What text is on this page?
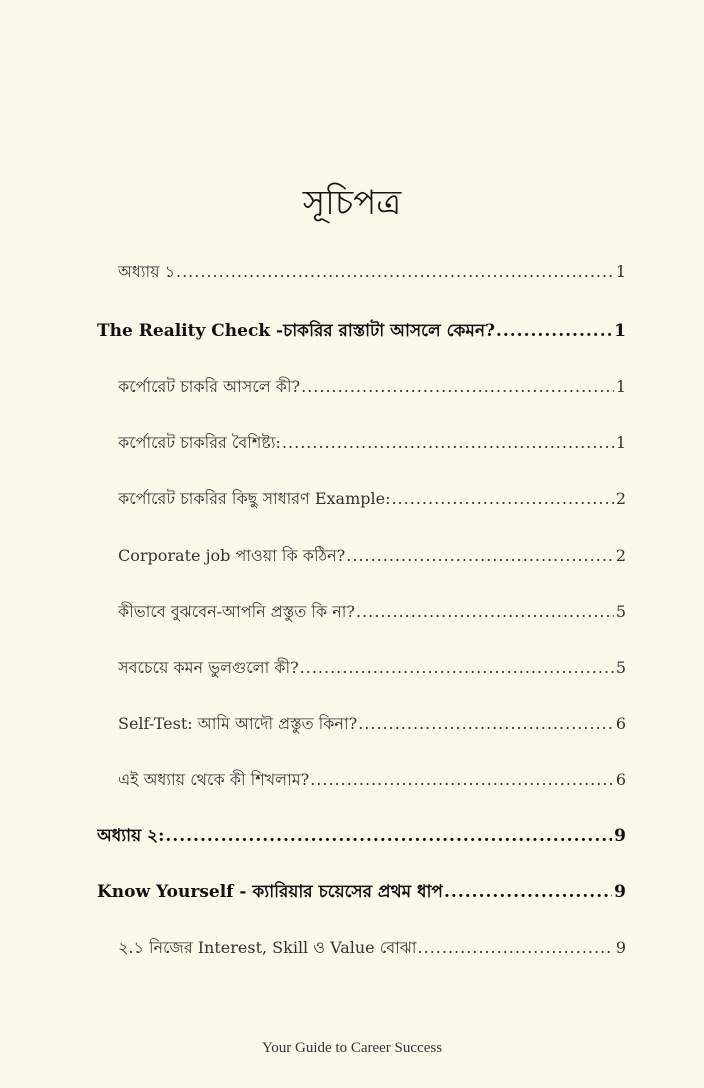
সূচিপত্র
অধ্যায় ১ .....	1
The Reality Check -চাকরির রাস্তাটা আসলে কেমন? .....	1
কর্পোরেট চাকরি আসলে কী? .....	1
কর্পোরেট চাকরির বৈশিষ্ট্য: .....	1
কর্পোরেট চাকরির কিছু সাধারণ Example: .....	2
Corporate job পাওয়া কি কঠিন? .....	2
কীভাবে বুঝবেন-আপনি প্রস্তুত কি না? .....	5
সবচেয়ে কমন ভুলগুলো কী? .....	5
Self-Test: আমি আদৌ প্রস্তুত কিনা? .....	6
এই অধ্যায় থেকে কী শিখলাম? .....	6
অধ্যায় ২: .....	9
Know Yourself - ক্যারিয়ার চয়েসের প্রথম ধাপ .....	9
২.১ নিজের Interest, Skill ও Value বোঝা .....	9
Your Guide to Career Success
